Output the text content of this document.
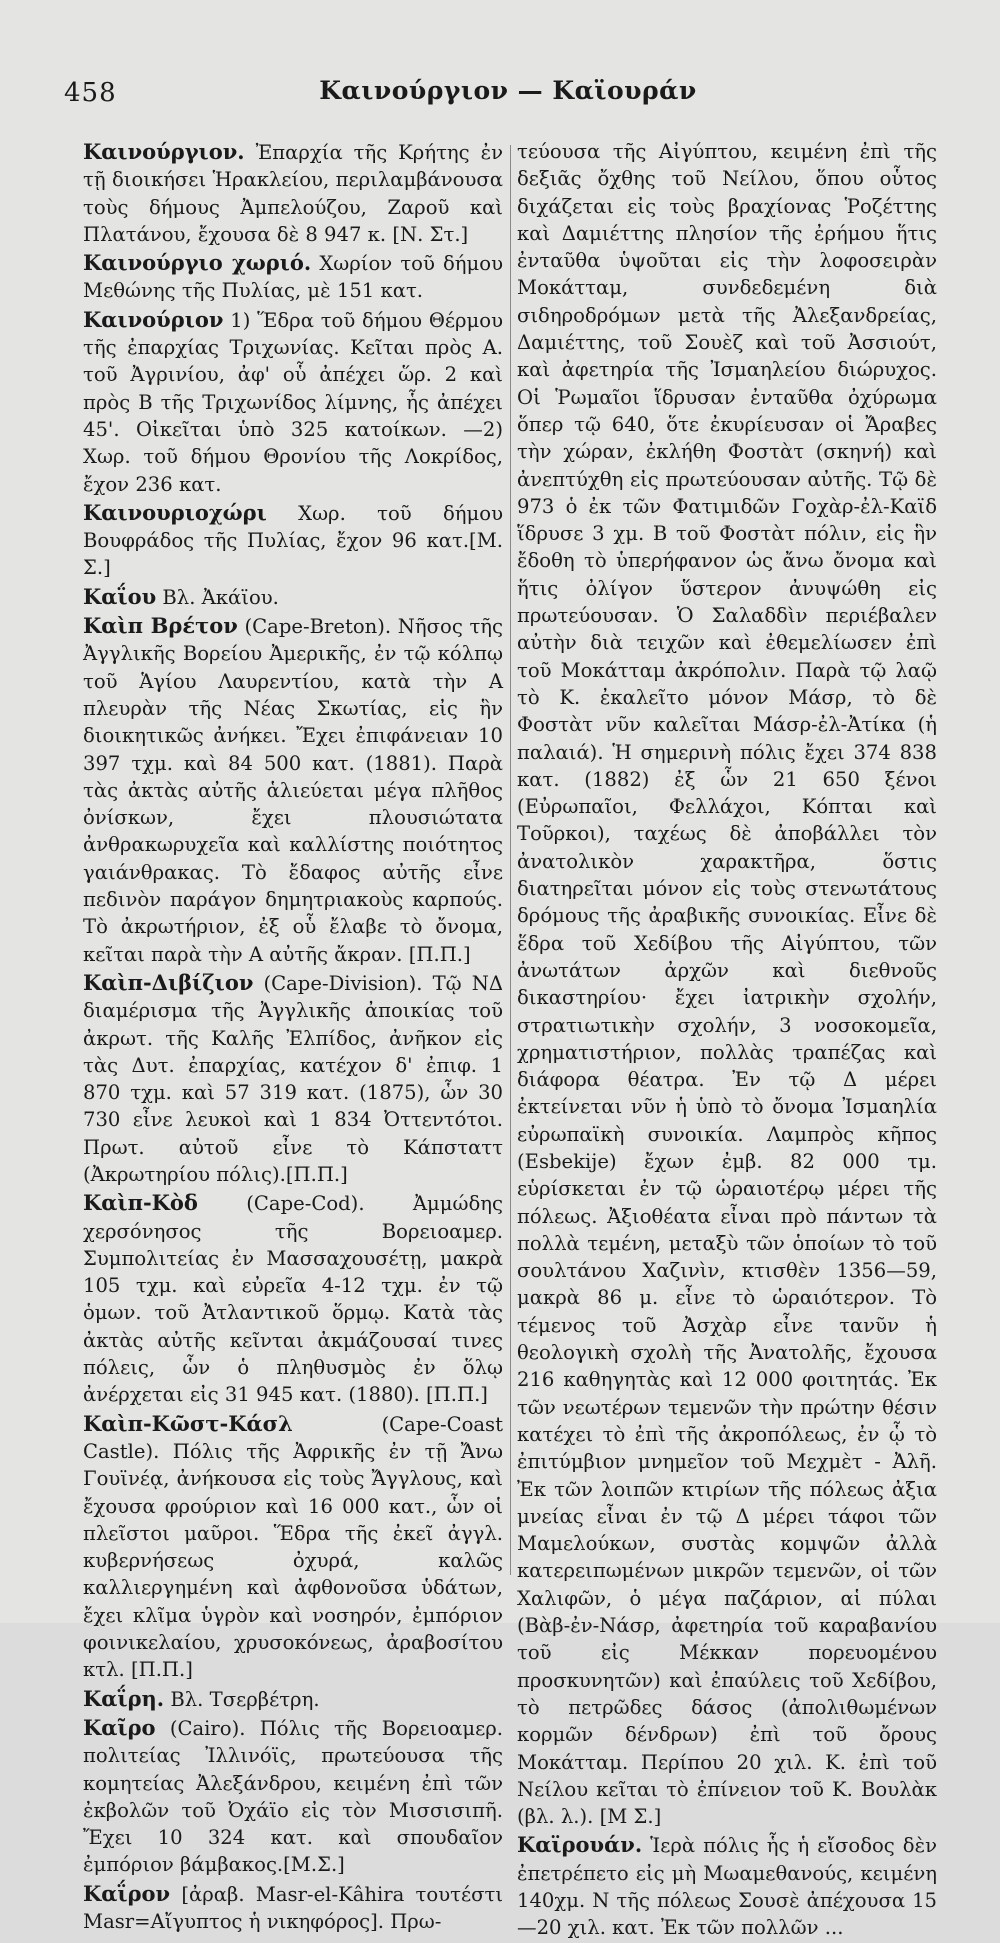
458	Καινούργιον — Καϊουράν

Καινούργιον. Ἐπαρχία τῆς Κρήτης ἐν τῇ διοικήσει Ἡρακλείου, περιλαμβάνουσα τοὺς δήμους Ἀμπελούζου, Ζαροῦ καὶ Πλατάνου, ἔχουσα δὲ 8 947 κ. [Ν. Στ.]

Καινούργιο χωριό. Χωρίον τοῦ δήμου Μεθώνης τῆς Πυλίας, μὲ 151 κατ.

Καινούριον 1) Ἕδρα τοῦ δήμου Θέρμου τῆς ἐπαρχίας Τριχωνίας. Κεῖται πρὸς Α. τοῦ Ἀγρινίου, ἀφ' οὗ ἀπέχει ὥρ. 2 καὶ πρὸς Β τῆς Τριχωνίδος λίμνης, ἧς ἀπέχει 45'. Οἰκεῖται ὑπὸ 325 κατοίκων. —2) Χωρ. τοῦ δήμου Θρονίου τῆς Λοκρίδος, ἔχον 236 κατ.

Καινουριοχώρι Χωρ. τοῦ δήμου Βουφράδος τῆς Πυλίας, ἔχον 96 κατ.[Μ. Σ.]

Καΐου Βλ. Ἀκάϊου.

Καὶπ Βρέτον (Cape-Breton). Νῆσος τῆς Ἀγγλικῆς Βορείου Ἀμερικῆς, ἐν τῷ κόλπῳ τοῦ Ἁγίου Λαυρεντίου, κατὰ τὴν Α πλευρὰν τῆς Νέας Σκωτίας, εἰς ἣν διοικητικῶς ἀνήκει. Ἔχει ἐπιφάνειαν 10 397 τχμ. καὶ 84 500 κατ. (1881). Παρὰ τὰς ἀκτὰς αὐτῆς ἁλιεύεται μέγα πλῆθος ὀνίσκων, ἔχει πλουσιώτατα ἀνθρακωρυχεῖα καὶ καλλίστης ποιότητος γαιάνθρακας. Τὸ ἔδαφος αὐτῆς εἶνε πεδινὸν παράγον δημητριακοὺς καρπούς. Τὸ ἀκρωτήριον, ἐξ οὗ ἔλαβε τὸ ὄνομα, κεῖται παρὰ τὴν Α αὐτῆς ἄκραν. [Π.Π.]

Καὶπ-Διβίζιον (Cape-Division). Τῷ ΝΔ διαμέρισμα τῆς Ἀγγλικῆς ἀποικίας τοῦ ἀκρωτ. τῆς Καλῆς Ἐλπίδος, ἀνῆκον εἰς τὰς Δυτ. ἐπαρχίας, κατέχον δ' ἐπιφ. 1 870 τχμ. καὶ 57 319 κατ. (1875), ὧν 30 730 εἶνε λευκοὶ καὶ 1 834 Ὀττεντότοι. Πρωτ. αὐτοῦ εἶνε τὸ Κάπσταττ (Ἀκρωτηρίου πόλις).[Π.Π.]

Καὶπ-Κὸδ (Cape-Cod). Ἀμμώδης χερσόνησος τῆς Βορειοαμερ. Συμπολιτείας ἐν Μασσαχουσέτῃ, μακρὰ 105 τχμ. καὶ εὐρεῖα 4-12 τχμ. ἐν τῷ ὁμων. τοῦ Ἀτλαντικοῦ ὅρμῳ. Κατὰ τὰς ἀκτὰς αὐτῆς κεῖνται ἀκμάζουσαί τινες πόλεις, ὧν ὁ πληθυσμὸς ἐν ὅλῳ ἀνέρχεται εἰς 31 945 κατ. (1880). [Π.Π.]

Καὶπ-Κῶστ-Κάσλ (Cape-Coast Castle). Πόλις τῆς Ἀφρικῆς ἐν τῇ Ἄνω Γουϊνέᾳ, ἀνήκουσα εἰς τοὺς Ἄγγλους, καὶ ἔχουσα φρούριον καὶ 16 000 κατ., ὧν οἱ πλεῖστοι μαῦροι. Ἕδρα τῆς ἐκεῖ ἀγγλ. κυβερνήσεως ὀχυρά, καλῶς καλλιεργημένη καὶ ἀφθονοῦσα ὑδάτων, ἔχει κλῖμα ὑγρὸν καὶ νοσηρόν, ἐμπόριον φοινικελαίου, χρυσοκόνεως, ἀραβοσίτου κτλ. [Π.Π.]

Καΐρη. Βλ. Τσερβέτρη.

Καῖρο (Cairo). Πόλις τῆς Βορειοαμερ. πολιτείας Ἰλλινόϊς, πρωτεύουσα τῆς κομητείας Ἀλεξάνδρου, κειμένη ἐπὶ τῶν ἐκβολῶν τοῦ Ὀχάϊο εἰς τὸν Μισσισιπῆ. Ἔχει 10 324 κατ. καὶ σπουδαῖον ἐμπόριον βάμβακος.[Μ.Σ.]

Καΐρον [ἀραβ. Masr-el-Kâhira τουτέστι Masr=Αἴγυπτος ἡ νικηφόρος]. Πρω-

τεύουσα τῆς Αἰγύπτου, κειμένη ἐπὶ τῆς δεξιᾶς ὄχθης τοῦ Νείλου, ὅπου οὗτος διχάζεται εἰς τοὺς βραχίονας Ῥοζέττης καὶ Δαμιέττης πλησίον τῆς ἐρήμου ἥτις ἐνταῦθα ὑψοῦται εἰς τὴν λοφοσειρὰν Μοκάτταμ, συνδεδεμένη διὰ σιδηροδρόμων μετὰ τῆς Ἀλεξανδρείας, Δαμιέττης, τοῦ Σουὲζ καὶ τοῦ Ἀσσιούτ, καὶ ἀφετηρία τῆς Ἰσμαηλείου διώρυχος. Οἱ Ῥωμαῖοι ἵδρυσαν ἐνταῦθα ὀχύρωμα ὅπερ τῷ 640, ὅτε ἐκυρίευσαν οἱ Ἄραβες τὴν χώραν, ἐκλήθη Φοστὰτ (σκηνή) καὶ ἀνεπτύχθη εἰς πρωτεύουσαν αὐτῆς. Τῷ δὲ 973 ὁ ἐκ τῶν Φατιμιδῶν Γοχὰρ-ἐλ-Καϊδ ἵδρυσε 3 χμ. Β τοῦ Φοστὰτ πόλιν, εἰς ἣν ἔδοθη τὸ ὑπερήφανον ὡς ἄνω ὄνομα καὶ ἥτις ὀλίγον ὕστερον ἀνυψώθη εἰς πρωτεύουσαν. Ὁ Σαλαδδὶν περιέβαλεν αὐτὴν διὰ τειχῶν καὶ ἐθεμελίωσεν ἐπὶ τοῦ Μοκάτταμ ἀκρόπολιν. Παρὰ τῷ λαῷ τὸ Κ. ἐκαλεῖτο μόνον Μάσρ, τὸ δὲ Φοστὰτ νῦν καλεῖται Μάσρ-ἐλ-Ἀτίκα (ἡ παλαιά). Ἡ σημερινὴ πόλις ἔχει 374 838 κατ. (1882) ἐξ ὧν 21 650 ξένοι (Εὐρωπαῖοι, Φελλάχοι, Κόπται καὶ Τοῦρκοι), ταχέως δὲ ἀποβάλλει τὸν ἀνατολικὸν χαρακτῆρα, ὅστις διατηρεῖται μόνον εἰς τοὺς στενωτάτους δρόμους τῆς ἀραβικῆς συνοικίας. Εἶνε δὲ ἕδρα τοῦ Χεδίβου τῆς Αἰγύπτου, τῶν ἀνωτάτων ἀρχῶν καὶ διεθνοῦς δικαστηρίου· ἔχει ἰατρικὴν σχολήν, στρατιωτικὴν σχολήν, 3 νοσοκομεῖα, χρηματιστήριον, πολλὰς τραπέζας καὶ διάφορα θέατρα. Ἐν τῷ Δ μέρει ἐκτείνεται νῦν ἡ ὑπὸ τὸ ὄνομα Ἰσμαηλία εὐρωπαϊκὴ συνοικία. Λαμπρὸς κῆπος (Esbekije) ἔχων ἐμβ. 82 000 τμ. εὑρίσκεται ἐν τῷ ὡραιοτέρῳ μέρει τῆς πόλεως. Ἀξιοθέατα εἶναι πρὸ πάντων τὰ πολλὰ τεμένη, μεταξὺ τῶν ὁποίων τὸ τοῦ σουλτάνου Χαζινὶν, κτισθὲν 1356—59, μακρὰ 86 μ. εἶνε τὸ ὡραιότερον. Τὸ τέμενος τοῦ Ἀσχὰρ εἶνε τανῦν ἡ θεολογικὴ σχολὴ τῆς Ἀνατολῆς, ἔχουσα 216 καθηγητὰς καὶ 12 000 φοιτητάς. Ἐκ τῶν νεωτέρων τεμενῶν τὴν πρώτην θέσιν κατέχει τὸ ἐπὶ τῆς ἀκροπόλεως, ἐν ᾧ τὸ ἐπιτύμβιον μνημεῖον τοῦ Μεχμὲτ - Ἀλῆ. Ἐκ τῶν λοιπῶν κτιρίων τῆς πόλεως ἀξια μνείας εἶναι ἐν τῷ Δ μέρει τάφοι τῶν Μαμελούκων, συστὰς κομψῶν ἀλλὰ κατερειπωμένων μικρῶν τεμενῶν, οἱ τῶν Χαλιφῶν, ὁ μέγα παζάριον, αἱ πύλαι (Βὰβ-ἐν-Νάσρ, ἀφετηρία τοῦ καραβανίου τοῦ εἰς Μέκκαν πορευομένου προσκυνητῶν) καὶ ἐπαύλεις τοῦ Χεδίβου, τὸ πετρῶδες δάσος (ἀπολιθωμένων κορμῶν δένδρων) ἐπὶ τοῦ ὄρους Μοκάτταμ. Περίπου 20 χιλ. Κ. ἐπὶ τοῦ Νείλου κεῖται τὸ ἐπίνειον τοῦ Κ. Βουλὰκ (βλ. λ.). [Μ Σ.]

Καϊρουάν. Ἱερὰ πόλις ἧς ἡ εἴσοδος δὲν ἐπετρέπετο εἰς μὴ Μωαμεθανούς, κειμένη 140χμ. Ν τῆς πόλεως Σουσὲ ἀπέχουσα 15—20 χιλ. κατ. Ἐκ τῶν πολλῶν ...
